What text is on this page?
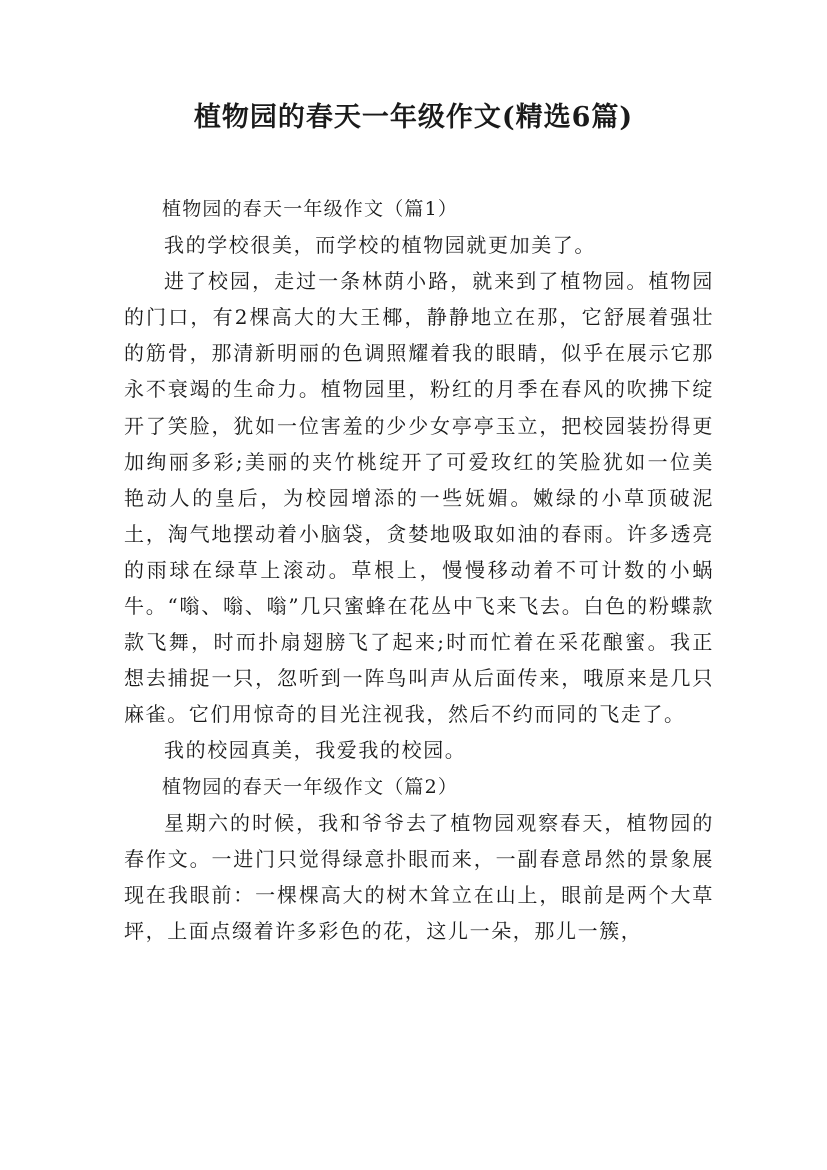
植物园的春天一年级作文(精选6篇)

植物园的春天一年级作文（篇1）

我的学校很美，而学校的植物园就更加美了。

进了校园，走过一条林荫小路，就来到了植物园。植物园的门口，有2棵高大的大王椰，静静地立在那，它舒展着强壮的筋骨，那清新明丽的色调照耀着我的眼睛，似乎在展示它那永不衰竭的生命力。植物园里，粉红的月季在春风的吹拂下绽开了笑脸，犹如一位害羞的少少女亭亭玉立，把校园装扮得更加绚丽多彩;美丽的夹竹桃绽开了可爱玫红的笑脸犹如一位美艳动人的皇后，为校园增添的一些妩媚。嫩绿的小草顶破泥土，淘气地摆动着小脑袋，贪婪地吸取如油的春雨。许多透亮的雨球在绿草上滚动。草根上，慢慢移动着不可计数的小蜗牛。“嗡、嗡、嗡”几只蜜蜂在花丛中飞来飞去。白色的粉蝶款款飞舞，时而扑扇翅膀飞了起来;时而忙着在采花酿蜜。我正想去捕捉一只，忽听到一阵鸟叫声从后面传来，哦原来是几只麻雀。它们用惊奇的目光注视我，然后不约而同的飞走了。

我的校园真美，我爱我的校园。

植物园的春天一年级作文（篇2）

星期六的时候，我和爷爷去了植物园观察春天，植物园的春作文。一进门只觉得绿意扑眼而来，一副春意昂然的景象展现在我眼前：一棵棵高大的树木耸立在山上，眼前是两个大草坪，上面点缀着许多彩色的花，这儿一朵，那儿一簇，
